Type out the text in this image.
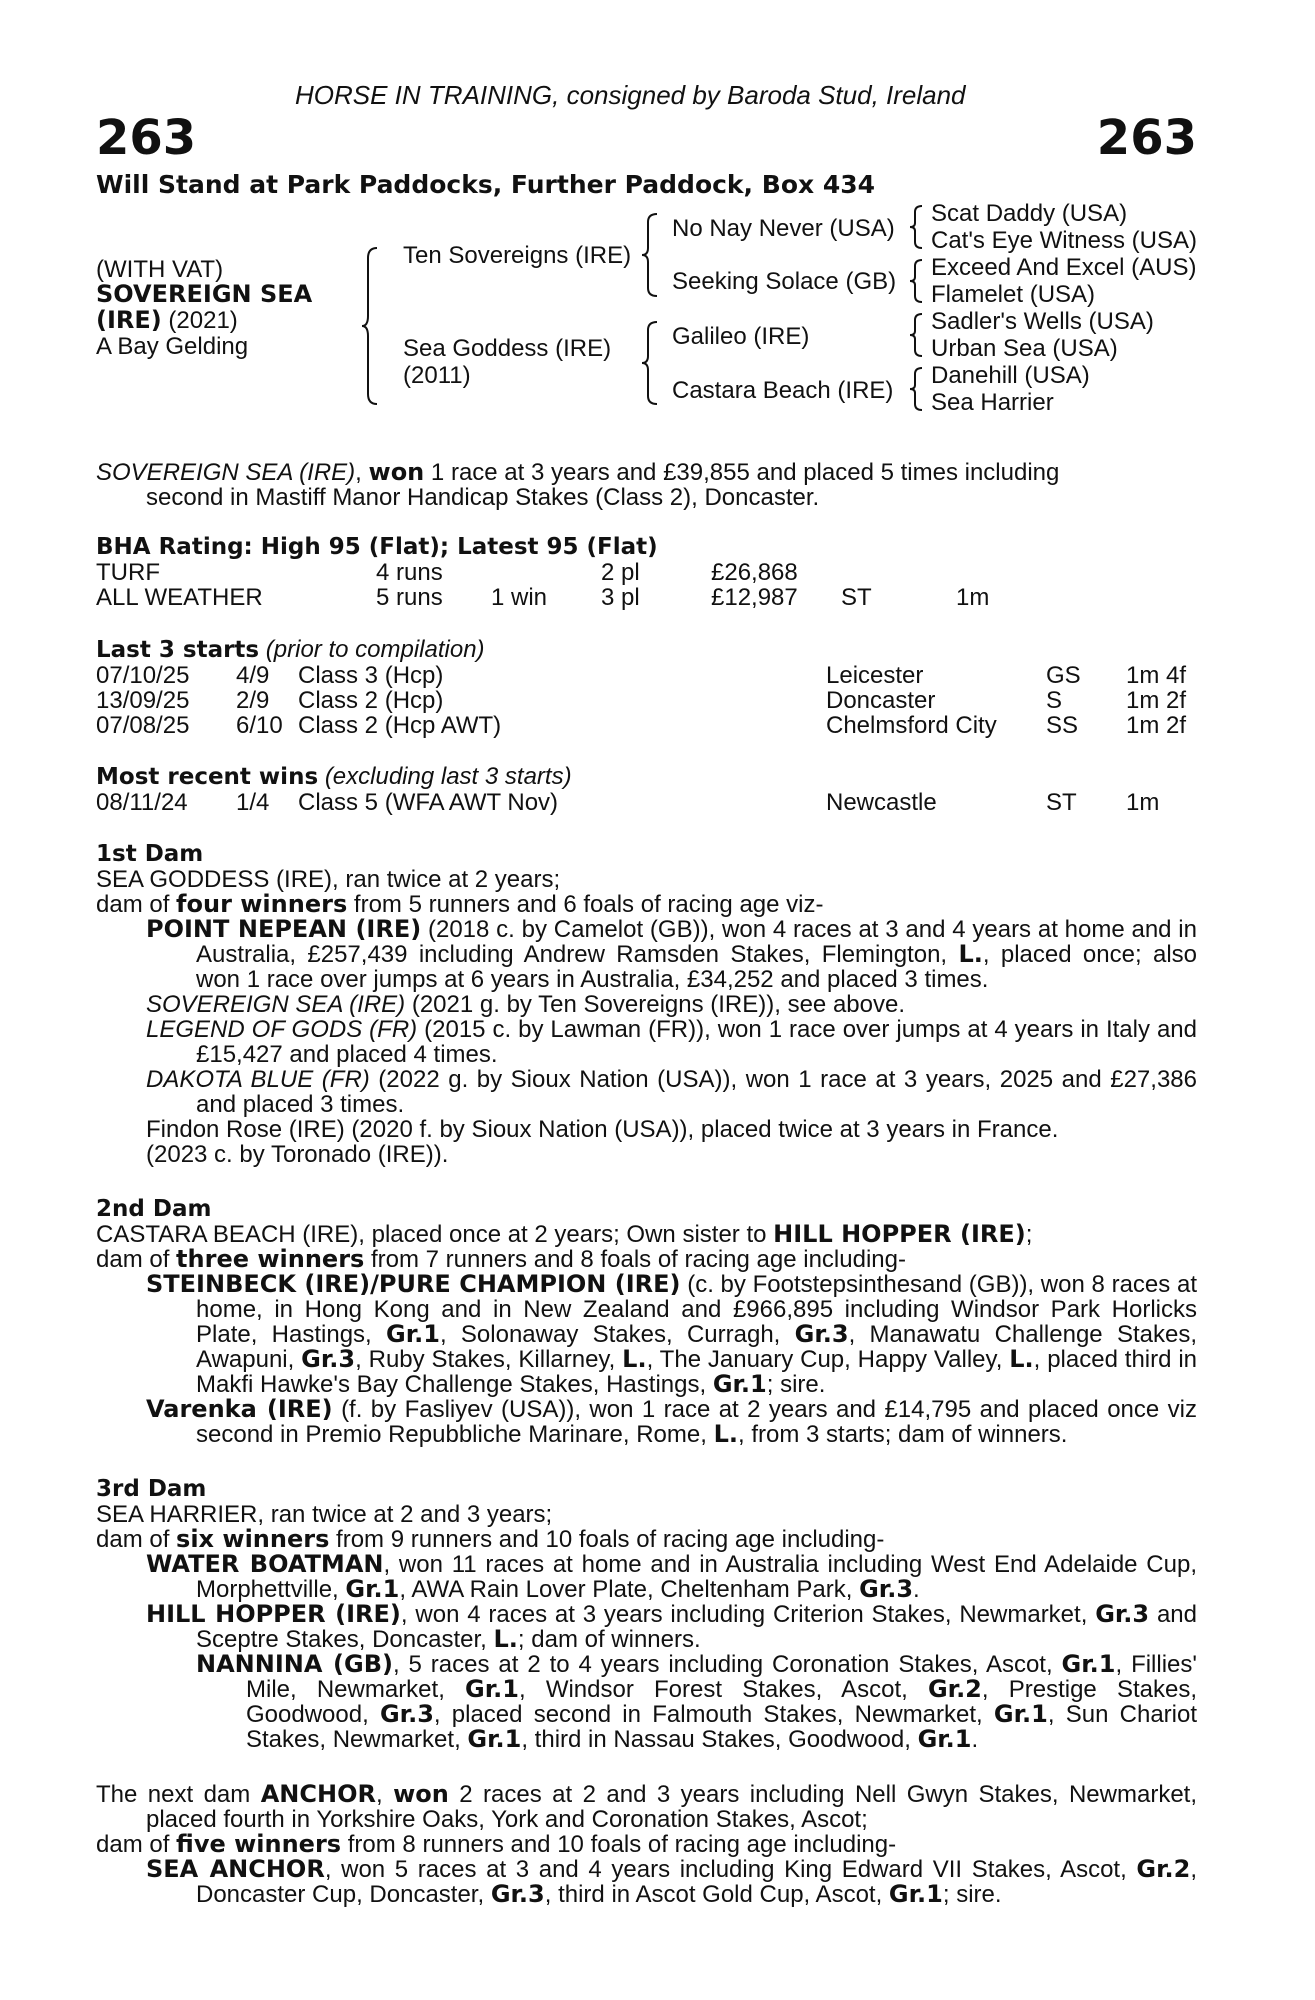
HORSE IN TRAINING, consigned by Baroda Stud, Ireland
263	263
Will Stand at Park Paddocks, Further Paddock, Box 434
(WITH VAT)
SOVEREIGN SEA
(IRE) (2021)
A Bay Gelding
Ten Sovereigns (IRE)
Sea Goddess (IRE)
(2011)
No Nay Never (USA)
Seeking Solace (GB)
Galileo (IRE)
Castara Beach (IRE)
Scat Daddy (USA)
Cat's Eye Witness (USA)
Exceed And Excel (AUS)
Flamelet (USA)
Sadler's Wells (USA)
Urban Sea (USA)
Danehill (USA)
Sea Harrier
SOVEREIGN SEA (IRE), won 1 race at 3 years and £39,855 and placed 5 times including
second in Mastiff Manor Handicap Stakes (Class 2), Doncaster.
BHA Rating: High 95 (Flat); Latest 95 (Flat)
TURF	4 runs		2 pl	£26,868		
ALL WEATHER	5 runs	1 win	3 pl	£12,987	ST	1m
Last 3 starts (prior to compilation)
07/10/25	4/9	Class 3 (Hcp)	Leicester	GS	1m 4f
13/09/25	2/9	Class 2 (Hcp)	Doncaster	S	1m 2f
07/08/25	6/10	Class 2 (Hcp AWT)	Chelmsford City	SS	1m 2f
Most recent wins (excluding last 3 starts)
08/11/24	1/4	Class 5 (WFA AWT Nov)	Newcastle	ST	1m
1st Dam
SEA GODDESS (IRE), ran twice at 2 years;
dam of four winners from 5 runners and 6 foals of racing age viz-
POINT NEPEAN (IRE) (2018 c. by Camelot (GB)), won 4 races at 3 and 4 years at home and in Australia, £257,439 including Andrew Ramsden Stakes, Flemington, L., placed once; also won 1 race over jumps at 6 years in Australia, £34,252 and placed 3 times.
SOVEREIGN SEA (IRE) (2021 g. by Ten Sovereigns (IRE)), see above.
LEGEND OF GODS (FR) (2015 c. by Lawman (FR)), won 1 race over jumps at 4 years in Italy and £15,427 and placed 4 times.
DAKOTA BLUE (FR) (2022 g. by Sioux Nation (USA)), won 1 race at 3 years, 2025 and £27,386 and placed 3 times.
Findon Rose (IRE) (2020 f. by Sioux Nation (USA)), placed twice at 3 years in France.
(2023 c. by Toronado (IRE)).
2nd Dam
CASTARA BEACH (IRE), placed once at 2 years; Own sister to HILL HOPPER (IRE);
dam of three winners from 7 runners and 8 foals of racing age including-
STEINBECK (IRE)/PURE CHAMPION (IRE) (c. by Footstepsinthesand (GB)), won 8 races at home, in Hong Kong and in New Zealand and £966,895 including Windsor Park Horlicks Plate, Hastings, Gr.1, Solonaway Stakes, Curragh, Gr.3, Manawatu Challenge Stakes, Awapuni, Gr.3, Ruby Stakes, Killarney, L., The January Cup, Happy Valley, L., placed third in Makfi Hawke's Bay Challenge Stakes, Hastings, Gr.1; sire.
Varenka (IRE) (f. by Fasliyev (USA)), won 1 race at 2 years and £14,795 and placed once viz second in Premio Repubbliche Marinare, Rome, L., from 3 starts; dam of winners.
3rd Dam
SEA HARRIER, ran twice at 2 and 3 years;
dam of six winners from 9 runners and 10 foals of racing age including-
WATER BOATMAN, won 11 races at home and in Australia including West End Adelaide Cup, Morphettville, Gr.1, AWA Rain Lover Plate, Cheltenham Park, Gr.3.
HILL HOPPER (IRE), won 4 races at 3 years including Criterion Stakes, Newmarket, Gr.3 and Sceptre Stakes, Doncaster, L.; dam of winners.
NANNINA (GB), 5 races at 2 to 4 years including Coronation Stakes, Ascot, Gr.1, Fillies' Mile, Newmarket, Gr.1, Windsor Forest Stakes, Ascot, Gr.2, Prestige Stakes, Goodwood, Gr.3, placed second in Falmouth Stakes, Newmarket, Gr.1, Sun Chariot Stakes, Newmarket, Gr.1, third in Nassau Stakes, Goodwood, Gr.1.
The next dam ANCHOR, won 2 races at 2 and 3 years including Nell Gwyn Stakes, Newmarket, placed fourth in Yorkshire Oaks, York and Coronation Stakes, Ascot;
dam of five winners from 8 runners and 10 foals of racing age including-
SEA ANCHOR, won 5 races at 3 and 4 years including King Edward VII Stakes, Ascot, Gr.2, Doncaster Cup, Doncaster, Gr.3, third in Ascot Gold Cup, Ascot, Gr.1; sire.
